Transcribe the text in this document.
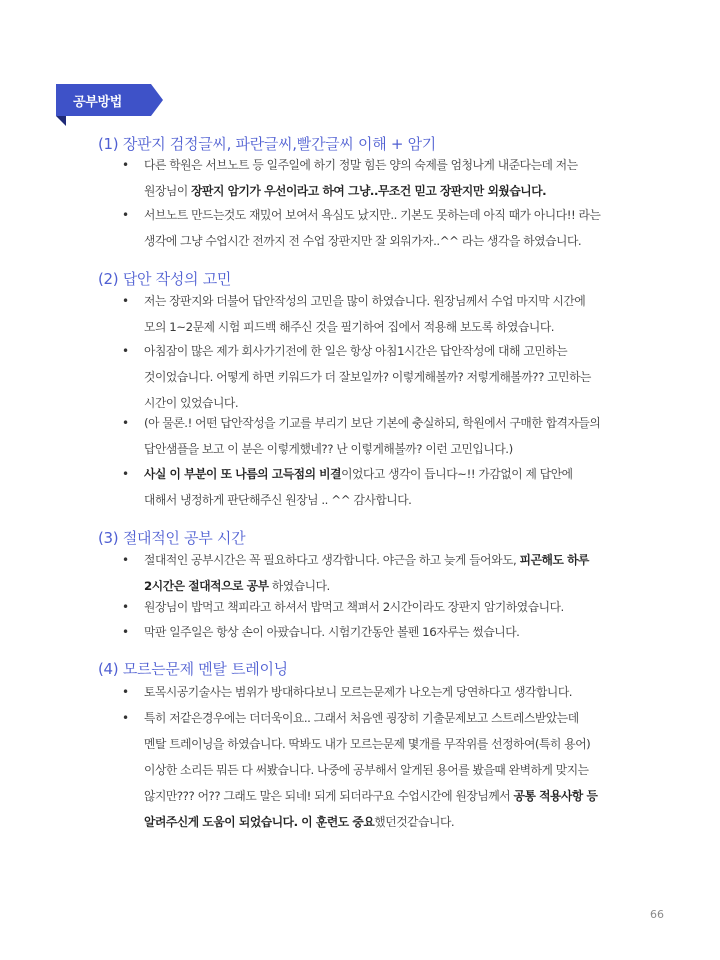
공부방법
(1) 장판지 검정글씨, 파란글씨,빨간글씨 이해 + 암기
• 다른 학원은 서브노트 등 일주일에 하기 정말 힘든 양의 숙제를 엄청나게 내준다는데 저는
원장님이 장판지 암기가 우선이라고 하여 그냥..무조건 믿고 장판지만 외웠습니다.
• 서브노트 만드는것도 재밌어 보여서 욕심도 났지만.. 기본도 못하는데 아직 때가 아니다!! 라는
생각에 그냥 수업시간 전까지 전 수업 장판지만 잘 외워가자..^^ 라는 생각을 하였습니다.
(2) 답안 작성의 고민
• 저는 장판지와 더불어 답안작성의 고민을 많이 하였습니다. 원장님께서 수업 마지막 시간에
모의 1~2문제 시험 피드백 해주신 것을 필기하여 집에서 적용해 보도록 하였습니다.
• 아침잠이 많은 제가 회사가기전에 한 일은 항상 아침1시간은 답안작성에 대해 고민하는
것이었습니다. 어떻게 하면 키워드가 더 잘보일까? 이렇게해볼까? 저렇게해볼까?? 고민하는
시간이 있었습니다.
• (아 물론.! 어떤 답안작성을 기교를 부리기 보단 기본에 충실하되, 학원에서 구매한 합격자들의
답안샘플을 보고 이 분은 이렇게했네?? 난 이렇게해볼까? 이런 고민입니다.)
• 사실 이 부분이 또 나름의 고득점의 비결이었다고 생각이 듭니다~!! 가감없이 제 답안에
대해서 냉정하게 판단해주신 원장님 .. ^^ 감사합니다.
(3) 절대적인 공부 시간
• 절대적인 공부시간은 꼭 필요하다고 생각합니다. 야근을 하고 늦게 들어와도, 피곤해도 하루
2시간은 절대적으로 공부 하였습니다.
• 원장님이 밥먹고 책피라고 하셔서 밥먹고 책펴서 2시간이라도 장판지 암기하였습니다.
• 막판 일주일은 항상 손이 아팠습니다. 시험기간동안 볼펜 16자루는 썼습니다.
(4) 모르는문제 멘탈 트레이닝
• 토목시공기술사는 범위가 방대하다보니 모르는문제가 나오는게 당연하다고 생각합니다.
• 특히 저같은경우에는 더더욱이요.. 그래서 처음엔 굉장히 기출문제보고 스트레스받았는데
멘탈 트레이닝을 하였습니다. 딱봐도 내가 모르는문제 몇개를 무작위를 선정하여(특히 용어)
이상한 소리든 뭐든 다 써봤습니다. 나중에 공부해서 알게된 용어를 봤을때 완벽하게 맞지는
않지만??? 어?? 그래도 말은 되네! 되게 되더라구요 수업시간에 원장님께서 공통 적용사항 등
알려주신게 도움이 되었습니다. 이 훈련도 중요했던것같습니다.
66
